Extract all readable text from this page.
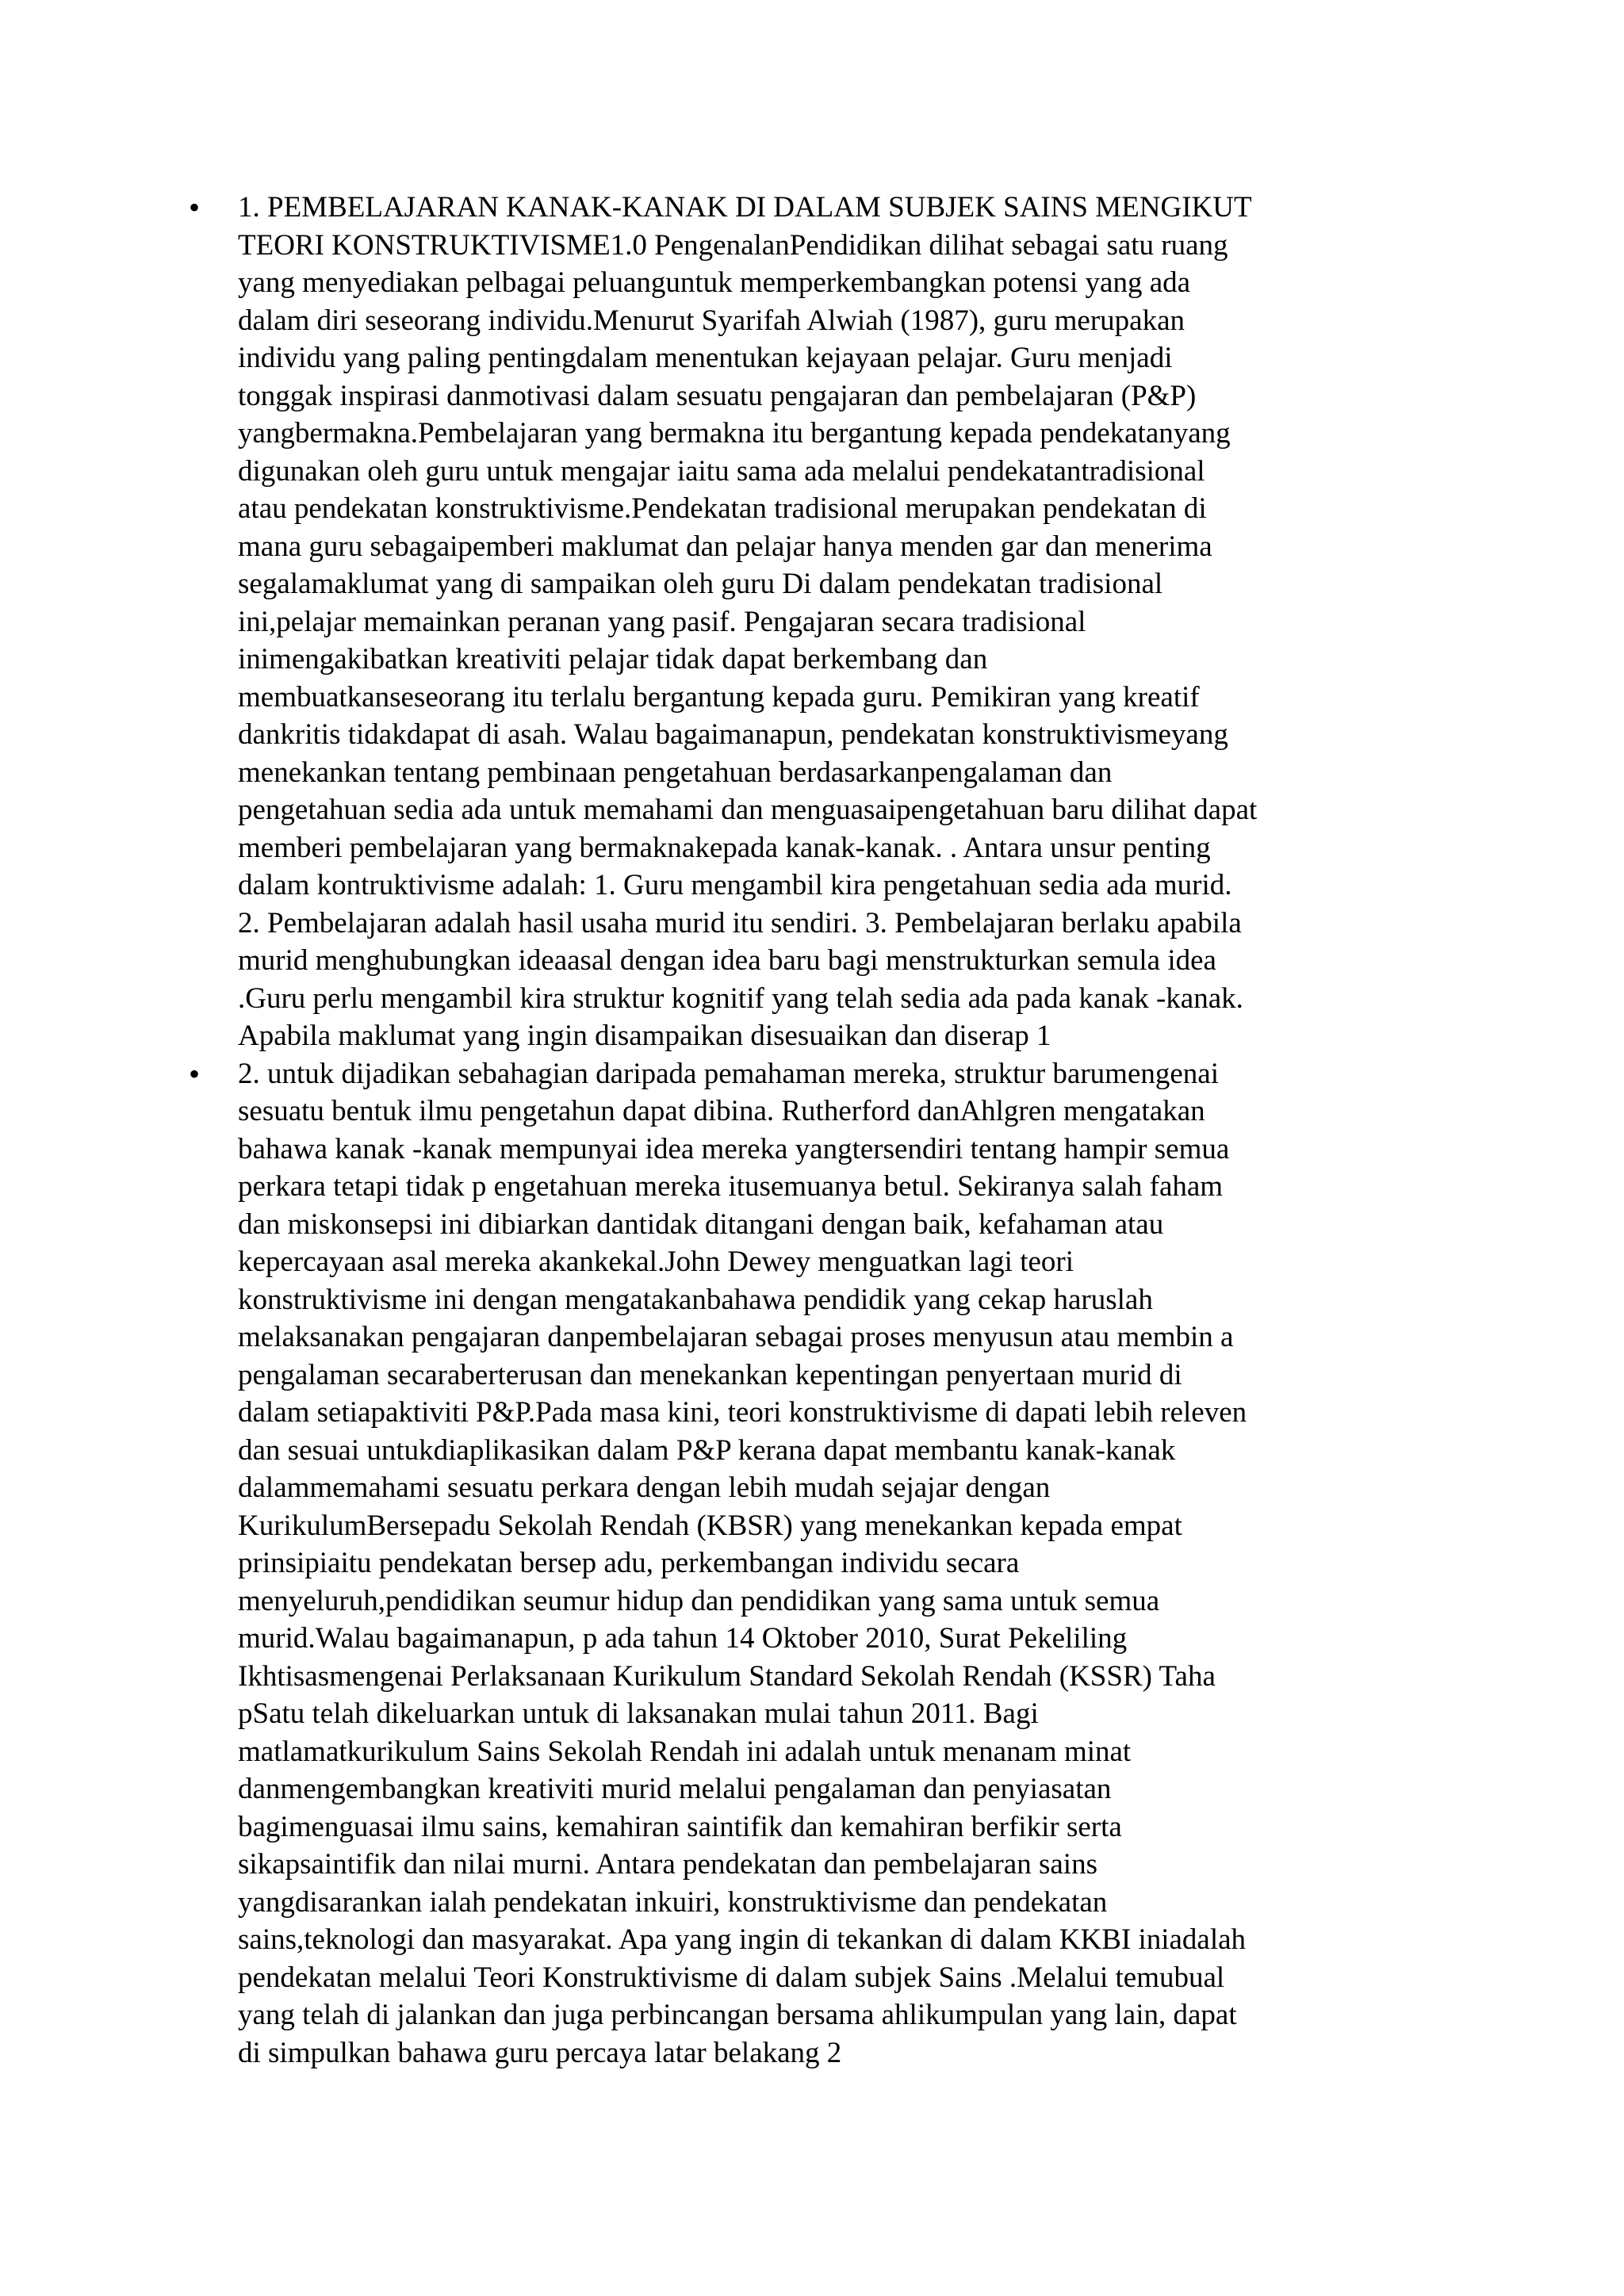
• 1. PEMBELAJARAN KANAK-KANAK DI DALAM SUBJEK SAINS MENGIKUT
TEORI KONSTRUKTIVISME1.0 PengenalanPendidikan dilihat sebagai satu ruang
yang menyediakan pelbagai peluanguntuk memperkembangkan potensi yang ada
dalam diri seseorang individu.Menurut Syarifah Alwiah (1987), guru merupakan
individu yang paling pentingdalam menentukan kejayaan pelajar. Guru menjadi
tonggak inspirasi danmotivasi dalam sesuatu pengajaran dan pembelajaran (P&P)
yangbermakna.Pembelajaran yang bermakna itu bergantung kepada pendekatanyang
digunakan oleh guru untuk mengajar iaitu sama ada melalui pendekatantradisional
atau pendekatan konstruktivisme.Pendekatan tradisional merupakan pendekatan di
mana guru sebagaipemberi maklumat dan pelajar hanya menden gar dan menerima
segalamaklumat yang di sampaikan oleh guru Di dalam pendekatan tradisional
ini,pelajar memainkan peranan yang pasif. Pengajaran secara tradisional
inimengakibatkan kreativiti pelajar tidak dapat berkembang dan
membuatkanseseorang itu terlalu bergantung kepada guru. Pemikiran yang kreatif
dankritis tidakdapat di asah. Walau bagaimanapun, pendekatan konstruktivismeyang
menekankan tentang pembinaan pengetahuan berdasarkanpengalaman dan
pengetahuan sedia ada untuk memahami dan menguasaipengetahuan baru dilihat dapat
memberi pembelajaran yang bermaknakepada kanak-kanak. . Antara unsur penting
dalam kontruktivisme adalah: 1. Guru mengambil kira pengetahuan sedia ada murid.
2. Pembelajaran adalah hasil usaha murid itu sendiri. 3. Pembelajaran berlaku apabila
murid menghubungkan ideaasal dengan idea baru bagi menstrukturkan semula idea
.Guru perlu mengambil kira struktur kognitif yang telah sedia ada pada kanak -kanak.
Apabila maklumat yang ingin disampaikan disesuaikan dan diserap 1

• 2. untuk dijadikan sebahagian daripada pemahaman mereka, struktur barumengenai
sesuatu bentuk ilmu pengetahun dapat dibina. Rutherford danAhlgren mengatakan
bahawa kanak -kanak mempunyai idea mereka yangtersendiri tentang hampir semua
perkara tetapi tidak p engetahuan mereka itusemuanya betul. Sekiranya salah faham
dan miskonsepsi ini dibiarkan dantidak ditangani dengan baik, kefahaman atau
kepercayaan asal mereka akankekal.John Dewey menguatkan lagi teori
konstruktivisme ini dengan mengatakanbahawa pendidik yang cekap haruslah
melaksanakan pengajaran danpembelajaran sebagai proses menyusun atau membin a
pengalaman secaraberterusan dan menekankan kepentingan penyertaan murid di
dalam setiapaktiviti P&P.Pada masa kini, teori konstruktivisme di dapati lebih releven
dan sesuai untukdiaplikasikan dalam P&P kerana dapat membantu kanak-kanak
dalammemahami sesuatu perkara dengan lebih mudah sejajar dengan
KurikulumBersepadu Sekolah Rendah (KBSR) yang menekankan kepada empat
prinsipiaitu pendekatan bersep adu, perkembangan individu secara
menyeluruh,pendidikan seumur hidup dan pendidikan yang sama untuk semua
murid.Walau bagaimanapun, p ada tahun 14 Oktober 2010, Surat Pekeliling
Ikhtisasmengenai Perlaksanaan Kurikulum Standard Sekolah Rendah (KSSR) Taha
pSatu telah dikeluarkan untuk di laksanakan mulai tahun 2011. Bagi
matlamatkurikulum Sains Sekolah Rendah ini adalah untuk menanam minat
danmengembangkan kreativiti murid melalui pengalaman dan penyiasatan
bagimenguasai ilmu sains, kemahiran saintifik dan kemahiran berfikir serta
sikapsaintifik dan nilai murni. Antara pendekatan dan pembelajaran sains
yangdisarankan ialah pendekatan inkuiri, konstruktivisme dan pendekatan
sains,teknologi dan masyarakat. Apa yang ingin di tekankan di dalam KKBI iniadalah
pendekatan melalui Teori Konstruktivisme di dalam subjek Sains .Melalui temubual
yang telah di jalankan dan juga perbincangan bersama ahlikumpulan yang lain, dapat
di simpulkan bahawa guru percaya latar belakang 2
